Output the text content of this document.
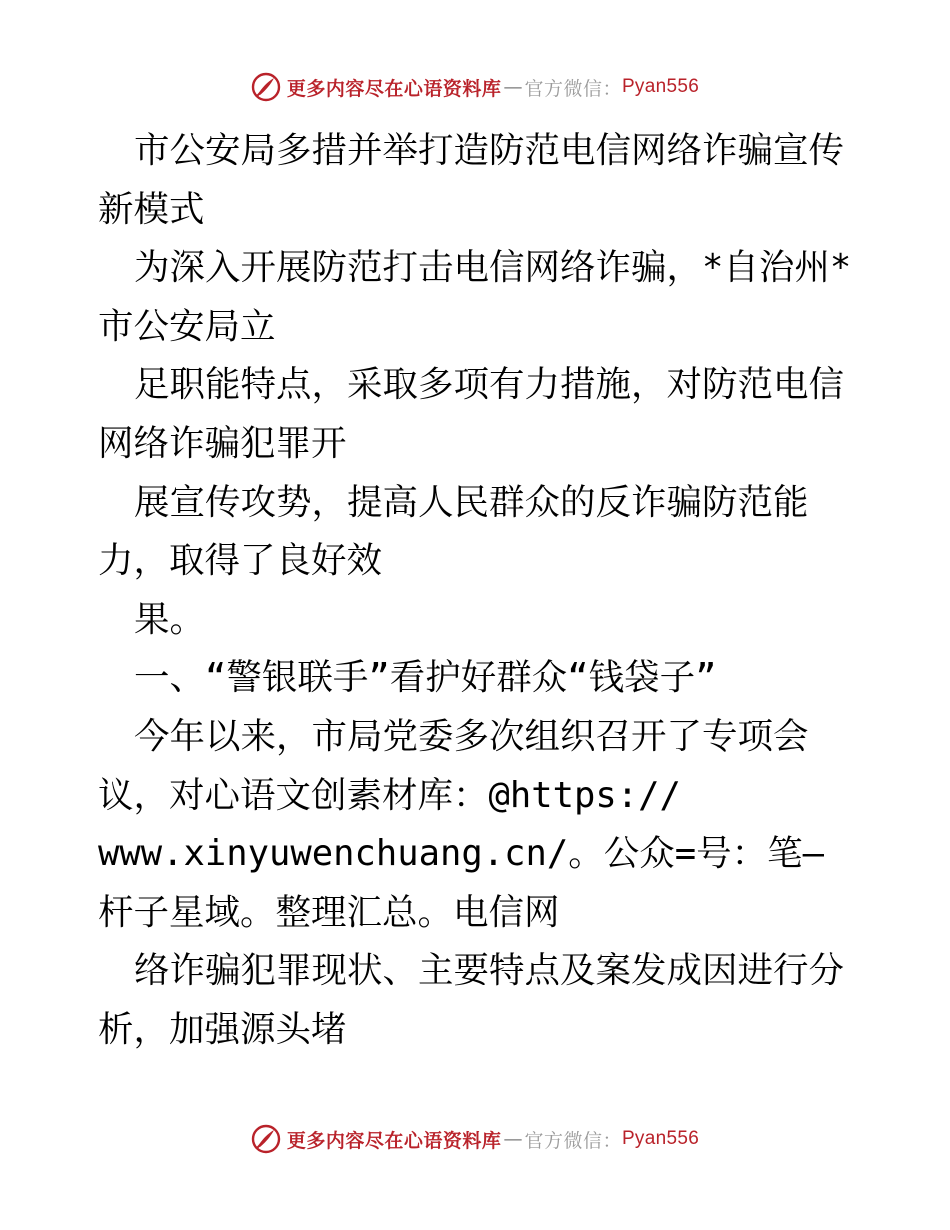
更多内容尽在心语资料库 — 官方微信： Pyan556

市公安局多措并举打造防范电信网络诈骗宣传新模式

为深入开展防范打击电信网络诈骗，*自治州*市公安局立

足职能特点，采取多项有力措施，对防范电信网络诈骗犯罪开

展宣传攻势，提高人民群众的反诈骗防范能力，取得了良好效

果。

一、“警银联手”看护好群众“钱袋子”

今年以来，市局党委多次组织召开了专项会议，对心语文创素材库：@https://

www.xinyuwenchuang.cn/。公众=号：笔—杆子星域。整理汇总。电信网

络诈骗犯罪现状、主要特点及案发成因进行分析，加强源头堵

更多内容尽在心语资料库 — 官方微信： Pyan556
